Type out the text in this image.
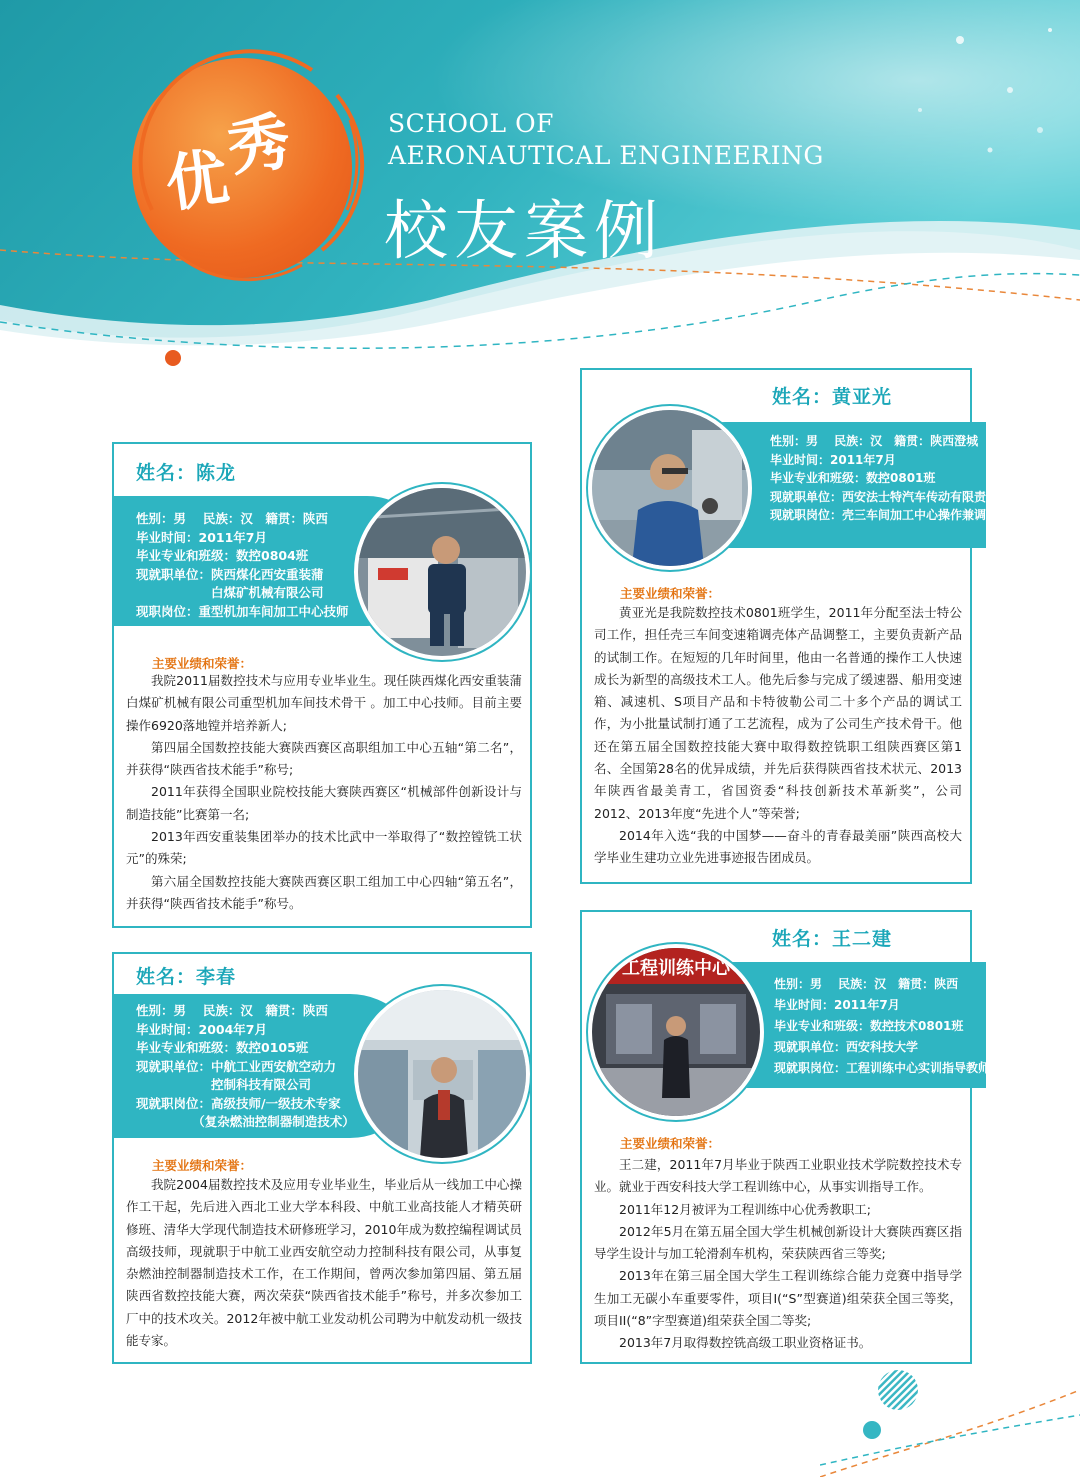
优
秀	SCHOOL OF
AERONAUTICAL ENGINEERING
校友案例
姓名：陈龙
性别：男　 民族：汉　籍贯：陕西
毕业时间：2011年7月
毕业专业和班级：数控0804班
现就职单位：陕西煤化西安重装蒲
　　　　　　白煤矿机械有限公司
现职岗位：重型机加车间加工中心技师
主要业绩和荣誉：

我院2011届数控技术与应用专业毕业生。现任陕西煤化西安重装蒲白煤矿机械有限公司重型机加车间技术骨干 。加工中心技师。目前主要操作6920落地镗并培养新人;

第四届全国数控技能大赛陕西赛区高职组加工中心五轴“第二名”，并获得“陕西省技术能手”称号;

2011年获得全国职业院校技能大赛陕西赛区“机械部件创新设计与制造技能”比赛第一名;

2013年西安重装集团举办的技术比武中一举取得了“数控镗铣工状元”的殊荣;

第六届全国数控技能大赛陕西赛区职工组加工中心四轴“第五名”，并获得“陕西省技术能手”称号。

姓名：黄亚光
性别：男　 民族：汉　籍贯：陕西澄城
毕业时间：2011年7月
毕业专业和班级：数控0801班
现就职单位：西安法士特汽车传动有限责任公司
现就职岗位：壳三车间加工中心操作兼调整工
主要业绩和荣誉：

黄亚光是我院数控技术0801班学生，2011年分配至法士特公司工作，担任壳三车间变速箱调壳体产品调整工，主要负责新产品的试制工作。在短短的几年时间里，他由一名普通的操作工人快速成长为新型的高级技术工人。他先后参与完成了缓速器、船用变速箱、减速机、S项目产品和卡特彼勒公司二十多个产品的调试工作，为小批量试制打通了工艺流程，成为了公司生产技术骨干。他还在第五届全国数控技能大赛中取得数控铣职工组陕西赛区第1名、全国第28名的优异成绩，并先后获得陕西省技术状元、2013年陕西省最美青工，省国资委“科技创新技术革新奖”，公司2012、2013年度“先进个人”等荣誉;

2014年入选“我的中国梦——奋斗的青春最美丽”陕西高校大学毕业生建功立业先进事迹报告团成员。

姓名：李春
性别：男　 民族：汉　籍贯：陕西
毕业时间：2004年7月
毕业专业和班级：数控0105班
现就职单位：中航工业西安航空动力
　　　　　　控制科技有限公司
现就职岗位：高级技师/一级技术专家
　　　　　（复杂燃油控制器制造技术）
主要业绩和荣誉：

我院2004届数控技术及应用专业毕业生，毕业后从一线加工中心操作工干起，先后进入西北工业大学本科段、中航工业高技能人才精英研修班、清华大学现代制造技术研修班学习，2010年成为数控编程调试员高级技师，现就职于中航工业西安航空动力控制科技有限公司，从事复杂燃油控制器制造技术工作，在工作期间，曾两次参加第四届、第五届陕西省数控技能大赛，两次荣获“陕西省技术能手”称号，并多次参加工厂中的技术攻关。2012年被中航工业发动机公司聘为中航发动机一级技能专家。

姓名：王二建
性别：男　 民族：汉　籍贯：陕西
毕业时间：2011年7月
毕业专业和班级：数控技术0801班
现就职单位：西安科技大学
现就职岗位：工程训练中心实训指导教师
工程训练中心
主要业绩和荣誉：

王二建，2011年7月毕业于陕西工业职业技术学院数控技术专业。就业于西安科技大学工程训练中心，从事实训指导工作。

2011年12月被评为工程训练中心优秀教职工;

2012年5月在第五届全国大学生机械创新设计大赛陕西赛区指导学生设计与加工轮滑刹车机构，荣获陕西省三等奖;

2013年在第三届全国大学生工程训练综合能力竞赛中指导学生加工无碳小车重要零件，项目I(“S”型赛道)组荣获全国三等奖，项目II(“8”字型赛道)组荣获全国二等奖;

2013年7月取得数控铣高级工职业资格证书。
